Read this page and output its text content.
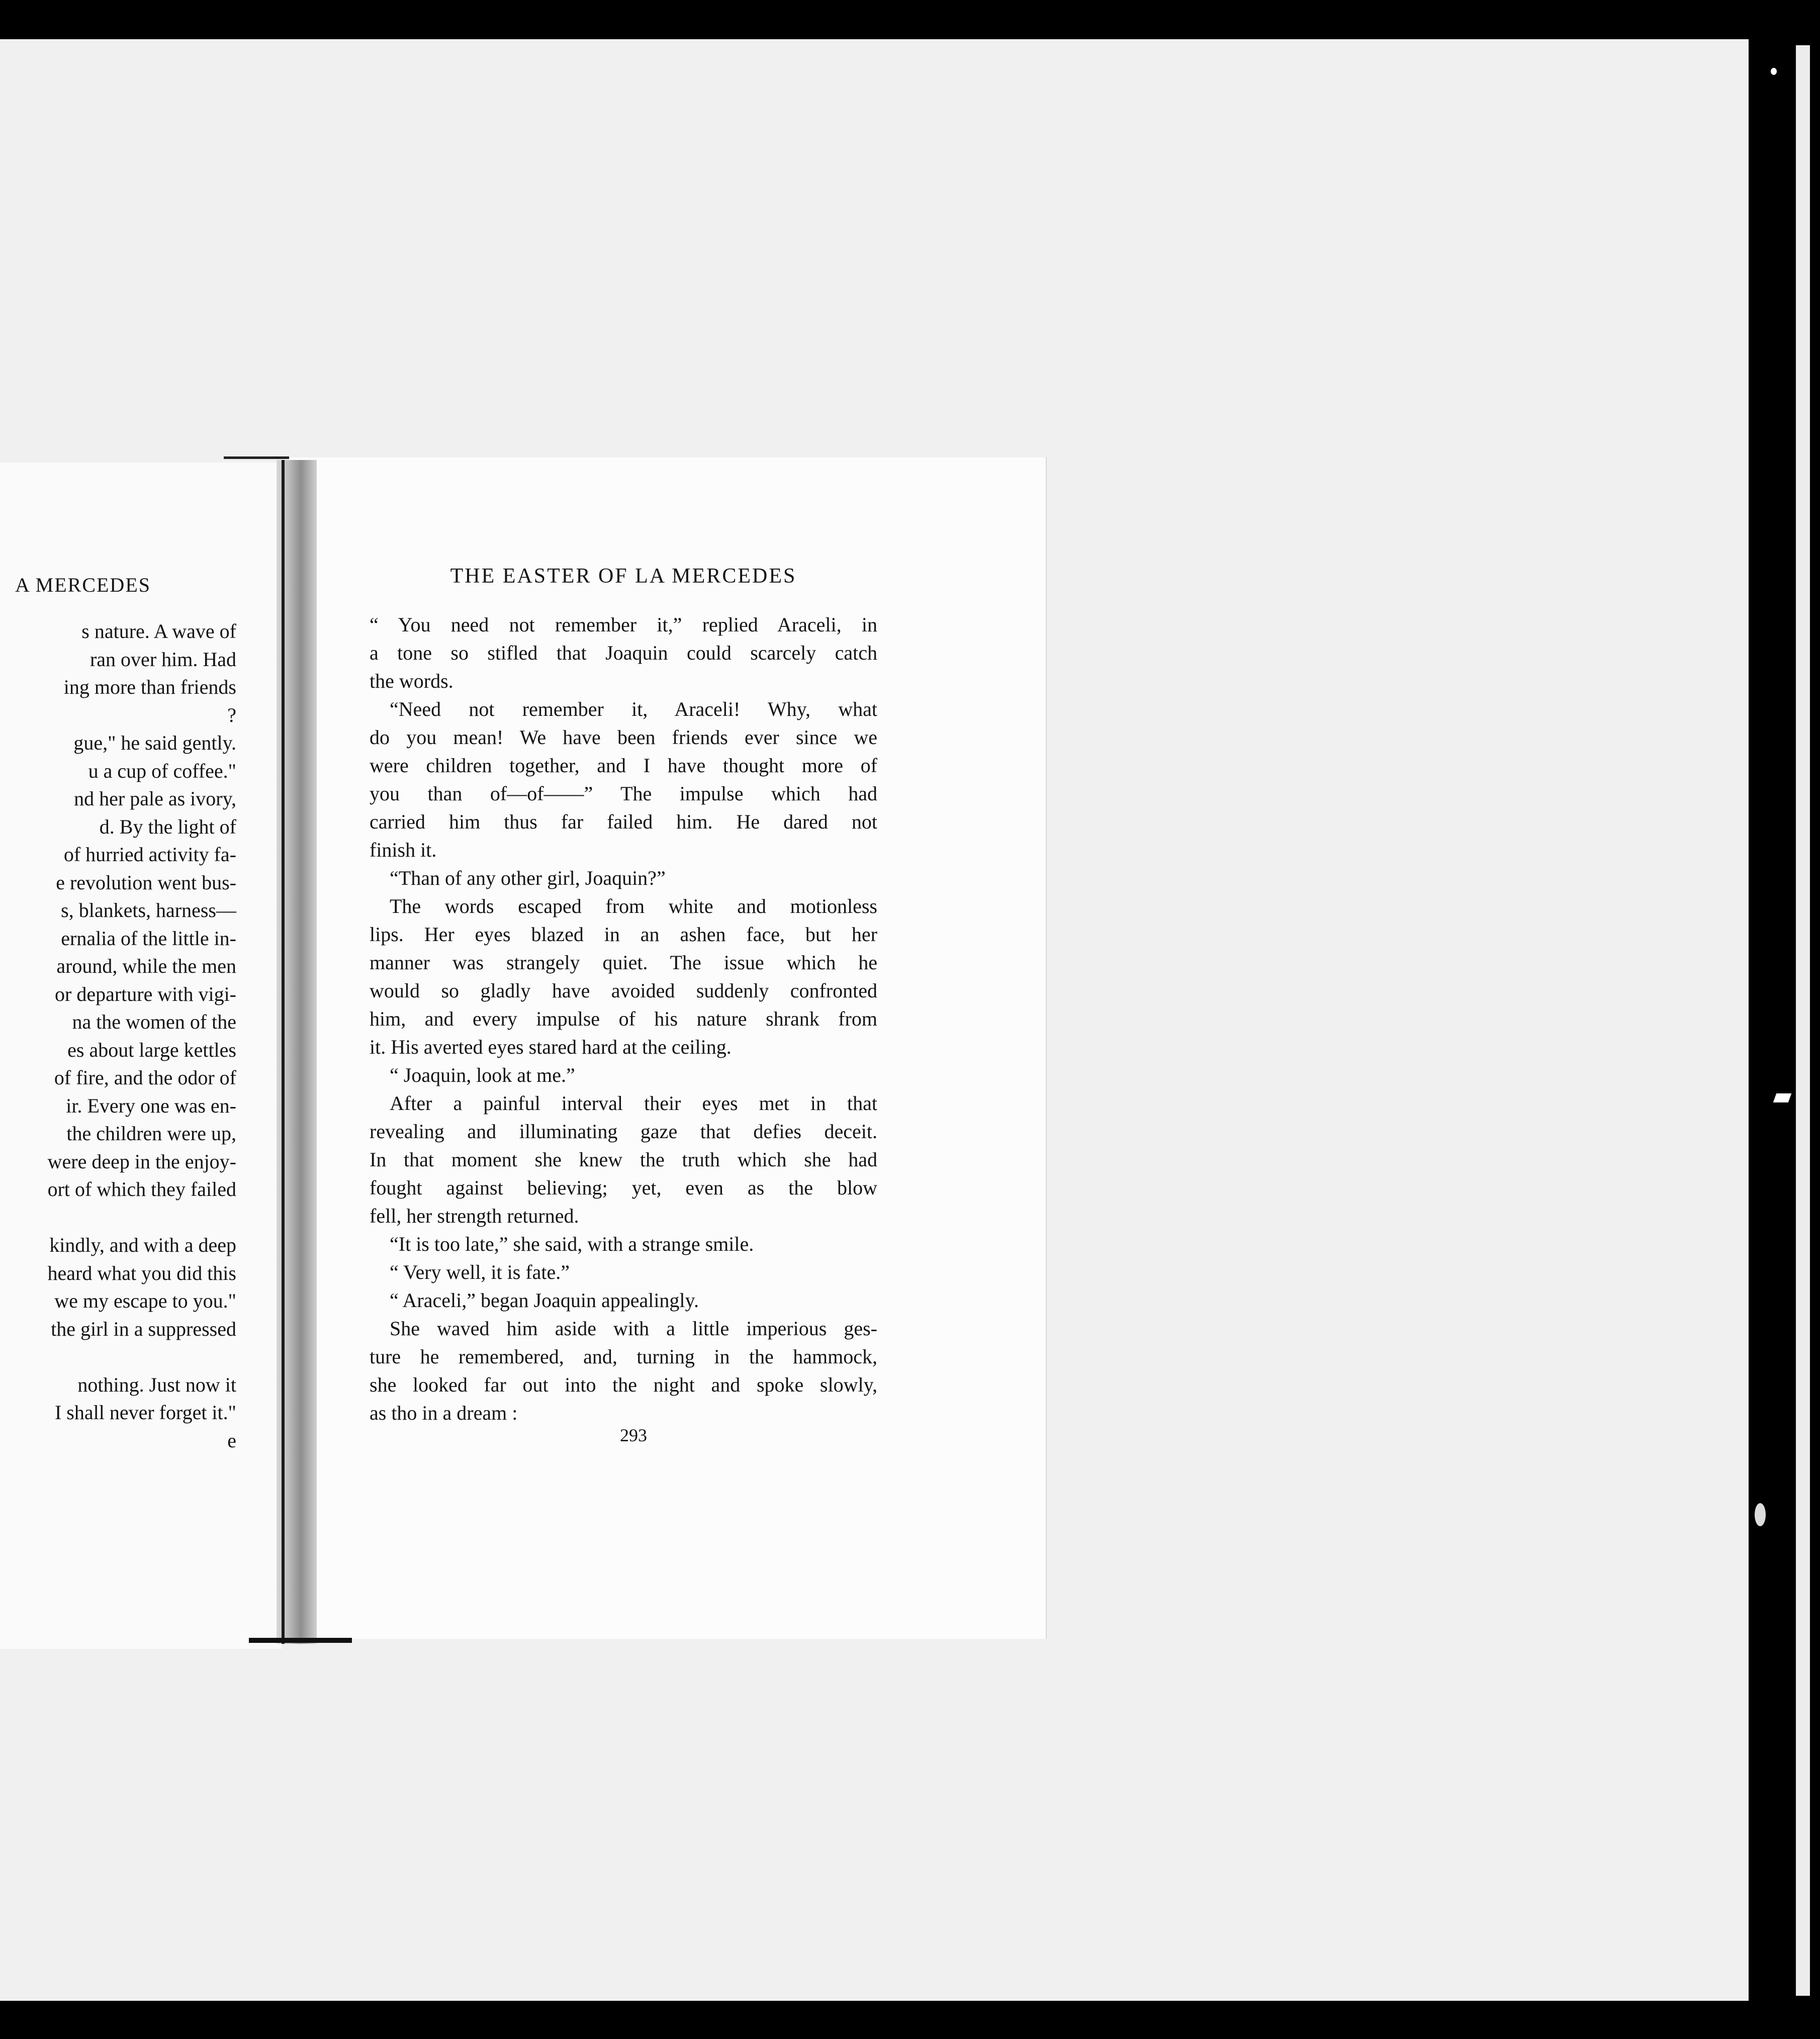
A MERCEDES
s nature. A wave of
ran over him. Had
ing more than friends
?
gue," he said gently.
u a cup of coffee."
nd her pale as ivory,
d. By the light of
of hurried activity fa-
e revolution went bus-
s, blankets, harness—
ernalia of the little in-
around, while the men
or departure with vigi-
na the women of the
es about large kettles
of fire, and the odor of
ir. Every one was en-
the children were up,
were deep in the enjoy-
ort of which they failed
kindly, and with a deep
heard what you did this
we my escape to you."
the girl in a suppressed
nothing. Just now it
I shall never forget it."
e
THE EASTER OF LA MERCEDES
“ You need not remember it,” replied Araceli, in
a tone so stifled that Joaquin could scarcely catch
the words.
“Need not remember it, Araceli! Why, what
do you mean! We have been friends ever since we
were children together, and I have thought more of
you than of—of——” The impulse which had
carried him thus far failed him. He dared not
finish it.
“Than of any other girl, Joaquin?”
The words escaped from white and motionless
lips. Her eyes blazed in an ashen face, but her
manner was strangely quiet. The issue which he
would so gladly have avoided suddenly confronted
him, and every impulse of his nature shrank from
it. His averted eyes stared hard at the ceiling.
“ Joaquin, look at me.”
After a painful interval their eyes met in that
revealing and illuminating gaze that defies deceit.
In that moment she knew the truth which she had
fought against believing; yet, even as the blow
fell, her strength returned.
“It is too late,” she said, with a strange smile.
“ Very well, it is fate.”
“ Araceli,” began Joaquin appealingly.
She waved him aside with a little imperious ges-
ture he remembered, and, turning in the hammock,
she looked far out into the night and spoke slowly,
as tho in a dream :
293
